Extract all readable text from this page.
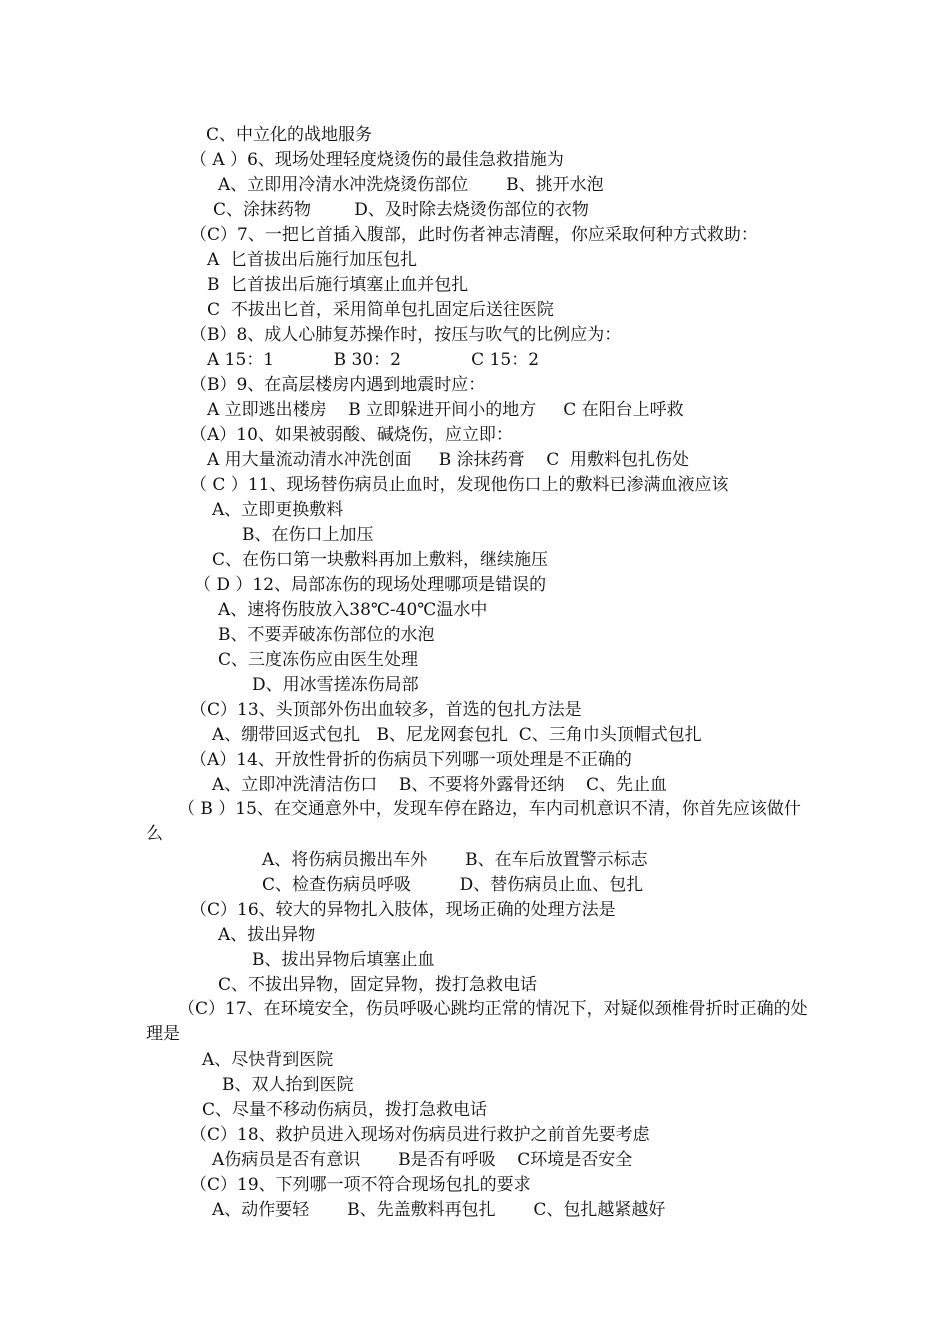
C、中立化的战地服务
（ A ）6、现场处理轻度烧烫伤的最佳急救措施为
A、立即用冷清水冲洗烧烫伤部位       B、挑开水泡
C、涂抹药物        D、及时除去烧烫伤部位的衣物
（C）7、一把匕首插入腹部，此时伤者神志清醒，你应采取何种方式救助：
A  匕首拔出后施行加压包扎
B  匕首拔出后施行填塞止血并包扎
C  不拔出匕首，采用简单包扎固定后送往医院
（B）8、成人心肺复苏操作时，按压与吹气的比例应为：
A 15：1           B 30：2             C 15：2
（B）9、在高层楼房内遇到地震时应：
A 立即逃出楼房    B 立即躲进开间小的地方     C 在阳台上呼救
（A）10、如果被弱酸、碱烧伤，应立即：
A 用大量流动清水冲洗创面     B 涂抹药膏    C  用敷料包扎伤处
（ C ）11、现场替伤病员止血时，发现他伤口上的敷料已渗满血液应该
A、立即更换敷料
B、在伤口上加压
C、在伤口第一块敷料再加上敷料，继续施压
（ D ）12、局部冻伤的现场处理哪项是错误的
A、速将伤肢放入38℃-40℃温水中
B、不要弄破冻伤部位的水泡
C、三度冻伤应由医生处理
D、用冰雪搓冻伤局部
（C）13、头顶部外伤出血较多，首选的包扎方法是
A、绷带回返式包扎   B、尼龙网套包扎  C、三角巾头顶帽式包扎
（A）14、开放性骨折的伤病员下列哪一项处理是不正确的
A、立即冲洗清洁伤口    B、不要将外露骨还纳    C、先止血
（ B ）15、在交通意外中，发现车停在路边，车内司机意识不清，你首先应该做什么
A、将伤病员搬出车外       B、在车后放置警示标志
C、检查伤病员呼吸         D、替伤病员止血、包扎
（C）16、较大的异物扎入肢体，现场正确的处理方法是
A、拔出异物
B、拔出异物后填塞止血
C、不拔出异物，固定异物，拨打急救电话
（C）17、在环境安全，伤员呼吸心跳均正常的情况下，对疑似颈椎骨折时正确的处理是
A、尽快背到医院
B、双人抬到医院
C、尽量不移动伤病员，拨打急救电话
（C）18、救护员进入现场对伤病员进行救护之前首先要考虑
A伤病员是否有意识       B是否有呼吸    C环境是否安全
（C）19、下列哪一项不符合现场包扎的要求
A、动作要轻       B、先盖敷料再包扎       C、包扎越紧越好
